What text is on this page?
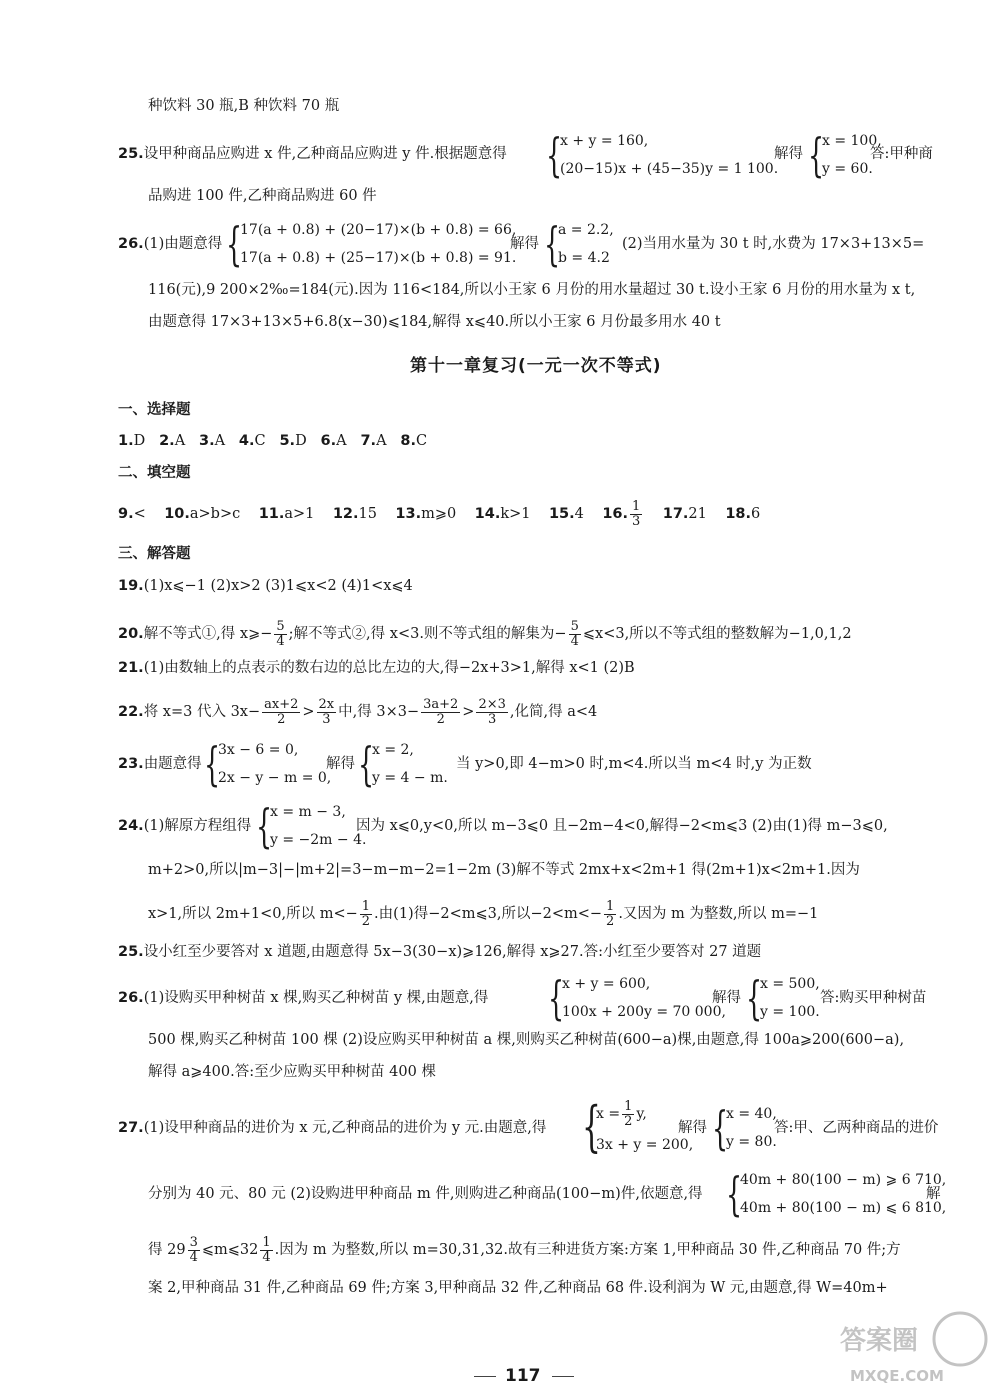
种饮料 30 瓶,B 种饮料 70 瓶
25.设甲种商品应购进 x 件,乙种商品应购进 y 件.根据题意得 {
x + y = 160,
(20−15)x + (45−35)y = 1 100.
解得 {
x = 100,
y = 60.
答:甲种商
品购进 100 件,乙种商品购进 60 件
26.(1)由题意得 {
17(a + 0.8) + (20−17)×(b + 0.8) = 66,
17(a + 0.8) + (25−17)×(b + 0.8) = 91.
解得 {
a = 2.2,
b = 4.2
(2)当用水量为 30 t 时,水费为 17×3+13×5=
116(元),9 200×2‰=184(元).因为 116<184,所以小王家 6 月份的用水量超过 30 t.设小王家 6 月份的用水量为 x t,
由题意得 17×3+13×5+6.8(x−30)⩽184,解得 x⩽40.所以小王家 6 月份最多用水 40 t
第十一章复习(一元一次不等式)
一、选择题
1.D 2.A 3.A 4.C 5.D 6.A 7.A 8.C
二、填空题
9.< 10.a>b>c 11.a>1 12.15 13.m⩾0 14.k>1 15.4 16. $\frac{1}{3} 17.21$ 18.6
三、解答题
19.(1)x⩽−1 (2)x>2 (3)1⩽x<2 (4)1<x⩽4
20.解不等式①,得 x⩾− $\frac{5}{4}$ ;解不等式②,得 x<3.则不等式组的解集为− $\frac{5}{4}$ ⩽x<3,所以不等式组的整数解为−1,0,1,2
21.(1)由数轴上的点表示的数右边的总比左边的大,得−2x+3>1,解得 x<1 (2)B
22.将 x=3 代入 $3x- \frac{ax+2}{2} > \frac{2x}{3}$ 中,得 $3\times 3- \frac{3a+2}{2} > \frac{2\times 3}{3}$ ,化简,得 a<4
23.由题意得 {
3x − 6 = 0,
2x − y − m = 0,
解得 {
x = 2,
y = 4 − m.
当 y>0,即 4−m>0 时,m<4.所以当 m<4 时,y 为正数
24.(1)解原方程组得 {
x = m − 3,
y = −2m − 4.
因为 x⩽0,y<0,所以 m−3⩽0 且−2m−4<0,解得−2<m⩽3 (2)由(1)得 m−3⩽0,
m+2>0,所以|m−3|−|m+2|=3−m−m−2=1−2m (3)解不等式 2mx+x<2m+1 得(2m+1)x<2m+1.因为
x>1,所以 2m+1<0,所以 $m<- \frac{1}{2}$ .由(1)得−2<m⩽3,所以$-2<m<- \frac{1}{2}$ .又因为 m 为整数,所以 m=−1
25.设小红至少要答对 x 道题,由题意得 5x−3(30−x)⩾126,解得 x⩾27.答:小红至少要答对 27 道题
26.(1)设购买甲种树苗 x 棵,购买乙种树苗 y 棵,由题意,得 {
x + y = 600,
100x + 200y = 70 000,
解得 {
x = 500,
y = 100.
答:购买甲种树苗
500 棵,购买乙种树苗 100 棵 (2)设应购买甲种树苗 a 棵,则购买乙种树苗(600−a)棵,由题意,得 100a⩾200(600−a),
解得 a⩾400.答:至少应购买甲种树苗 400 棵
27.(1)设甲种商品的进价为 x 元,乙种商品的进价为 y 元.由题意,得 {
$x = \frac{1}{2} y$,
3x + y = 200,
解得 {
x = 40,
y = 80.
答:甲、乙两种商品的进价
分别为 40 元、80 元 (2)设购进甲种商品 m 件,则购进乙种商品(100−m)件,依题意,得 {
40m + 80(100 − m) ⩾ 6 710,
40m + 80(100 − m) ⩽ 6 810,
解
得 $29 \frac{3}{4}$ ⩽m⩽32 $\frac{1}{4}$ .因为 m 为整数,所以 m=30,31,32.故有三种进货方案:方案 1,甲种商品 30 件,乙种商品 70 件;方
案 2,甲种商品 31 件,乙种商品 69 件;方案 3,甲种商品 32 件,乙种商品 68 件.设利润为 W 元,由题意,得 W=40m+
117
答案圈
MXQE.COM
